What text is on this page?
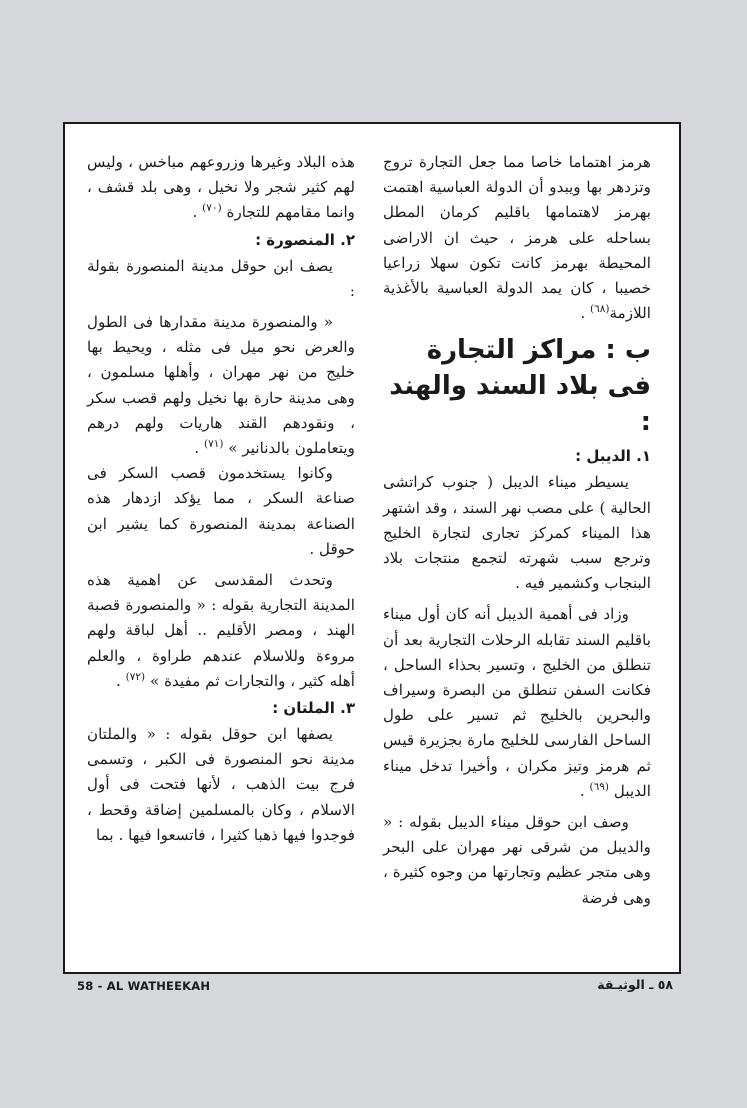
هرمز اهتماما خاصا مما جعل التجارة تروج وتزدهر بها ويبدو أن الدولة العباسية اهتمت بهرمز لاهتمامها باقليم كرمان المطل بساحله على هرمز ، حيث ان الاراضى المحيطة بهرمز كانت تكون سهلا زراعيا خصيبا ، كان يمد الدولة العباسية بالأغذية اللازمة$^{(٦٨)}$ .

ب : مراكز التجارة فى بلاد السند والهند :
١. الديبل :

يسيطر ميناء الديبل ( جنوب كراتشى الحالية ) على مصب نهر السند ، وقد اشتهر هذا الميناء كمركز تجارى لتجارة الخليج وترجع سبب شهرته لتجمع منتجات بلاد البنجاب وكشمير فيه .

وزاد فى أهمية الديبل أنه كان أول ميناء باقليم السند تقابله الرحلات التجارية بعد أن تنطلق من الخليج ، وتسير بحذاء الساحل ، فكانت السفن تنطلق من البصرة وسيراف والبحرين بالخليج ثم تسير على طول الساحل الفارسى للخليج مارة بجزيرة قيس ثم هرمز وتيز مكران ، وأخيرا تدخل ميناء الديبل $^{(٦٩)}$ .

وصف ابن حوقل ميناء الديبل بقوله : « والديبل من شرقى نهر مهران على البحر وهى متجر عظيم وتجارتها من وجوه كثيرة ، وهى فرضة

هذه البلاد وغيرها وزروعهم مباخس ، وليس لهم كثير شجر ولا نخيل ، وهى بلد قشف ، وانما مقامهم للتجارة $^{(٧٠)}$ .

٢. المنصورة :

يصف ابن حوقل مدينة المنصورة بقولة :

« والمنصورة مدينة مقدارها فى الطول والعرض نحو ميل فى مثله ، ويحيط بها خليج من نهر مهران ، وأهلها مسلمون ، وهى مدينة حارة بها نخيل ولهم قصب سكر ، ونقودهم القند هاريات ولهم درهم ويتعاملون بالدنانير » $^{(٧١)}$ .

وكانوا يستخدمون قصب السكر فى صناعة السكر ، مما يؤكد ازدهار هذه الصناعة بمدينة المنصورة كما يشير ابن حوقل .

وتحدث المقدسى عن اهمية هذه المدينة التجارية بقوله : « والمنصورة قصبة الهند ، ومصر الأقليم .. أهل لباقة ولهم مروءة وللاسلام عندهم طراوة ، والعلم أهله كثير ، والتجارات ثم مفيدة » $^{(٧٢)}$ .

٣. الملتان :

يصفها ابن حوقل بقوله : « والملتان مدينة نحو المنصورة فى الكبر ، وتسمى فرج بيت الذهب ، لأنها فتحت فى أول الاسلام ، وكان بالمسلمين إضاقة وقحط ، فوجدوا فيها ذهبا كثيرا ، فاتسعوا فيها . بما

58 - AL WATHEEKAH	٥٨ ـ الوثيـقة
